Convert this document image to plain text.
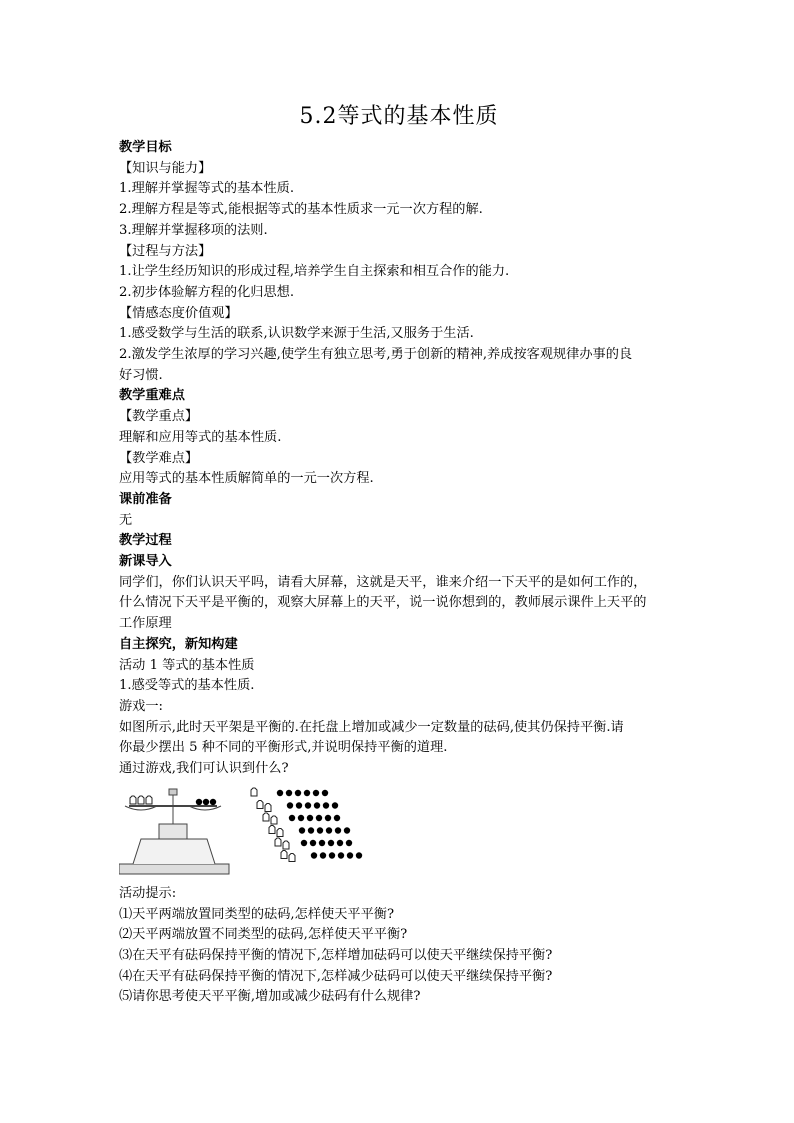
5.2等式的基本性质
教学目标
【知识与能力】
1.理解并掌握等式的基本性质.
2.理解方程是等式,能根据等式的基本性质求一元一次方程的解.
3.理解并掌握移项的法则.
【过程与方法】
1.让学生经历知识的形成过程,培养学生自主探索和相互合作的能力.
2.初步体验解方程的化归思想.
【情感态度价值观】
1.感受数学与生活的联系,认识数学来源于生活,又服务于生活.
2.激发学生浓厚的学习兴趣,使学生有独立思考,勇于创新的精神,养成按客观规律办事的良
好习惯.
教学重难点
【教学重点】
理解和应用等式的基本性质.
【教学难点】
应用等式的基本性质解简单的一元一次方程.
课前准备
无
教学过程
新课导入
同学们，你们认识天平吗，请看大屏幕，这就是天平，谁来介绍一下天平的是如何工作的，
什么情况下天平是平衡的，观察大屏幕上的天平，说一说你想到的，教师展示课件上天平的
工作原理
自主探究，新知构建
活动 1 等式的基本性质
1.感受等式的基本性质.
游戏一:
如图所示,此时天平架是平衡的.在托盘上增加或减少一定数量的砝码,使其仍保持平衡.请
你最少摆出 5 种不同的平衡形式,并说明保持平衡的道理.
通过游戏,我们可认识到什么?
活动提示:
⑴天平两端放置同类型的砝码,怎样使天平平衡?
⑵天平两端放置不同类型的砝码,怎样使天平平衡?
⑶在天平有砝码保持平衡的情况下,怎样增加砝码可以使天平继续保持平衡?
⑷在天平有砝码保持平衡的情况下,怎样减少砝码可以使天平继续保持平衡?
⑸请你思考使天平平衡,增加或减少砝码有什么规律?
